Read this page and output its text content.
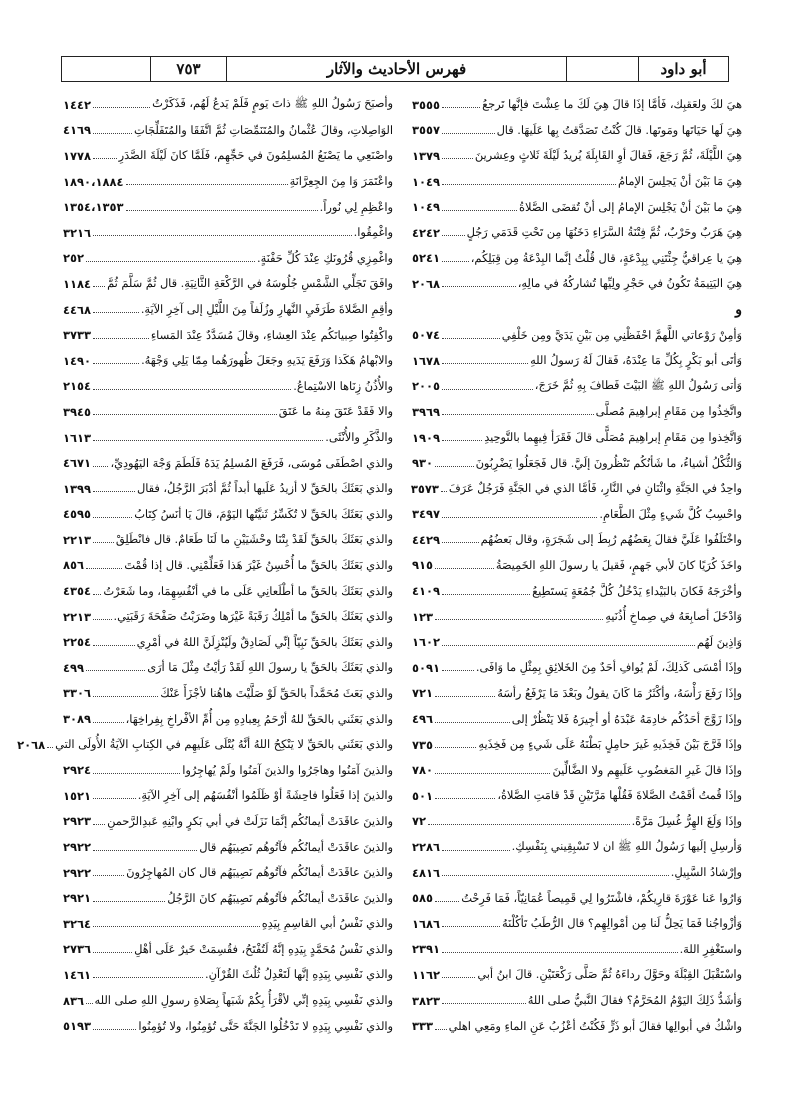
أبو داود
فهرس الأحاديث والآثار
٧٥٣
هيَ لكَ ولعَقبِك، فَأمَّا إذَا قالَ هِيَ لَكَ ما عِشْتَ فإنَّها تَرجعُ
٣٥٥٥
هِيَ لَها حَيَاتَها ومَوتَها. قالَ كُنْتُ تَصَدَّقتُ بِها عَلَيهَا. قال
٣٥٥٧
هِيَ اللَّيْلَةَ، ثُمَّ رَجَعَ، فَقالَ أوِ القَابِلَةَ يُريدُ لَيْلَةَ ثَلاثٍ وعِشرينَ
١٣٧٩
هِيَ مَا بَيْنَ أنْ يَجلِسَ الإمامُ
١٠٤٩
هِيَ ما بَيْنَ أنْ يَجْلِسَ الإمامُ إلى أنْ تُقضَى الصَّلاةُ
١٠٤٩
هِيَ هَرَبٌ وحَرْبٌ، ثُمَّ فِتْنَةُ السَّرَاءِ دَخَنُهَا مِن تَحْتِ قَدَمَي رَجُلٍ
٤٢٤٢
هِيَ يا عِراقيُّ جِئْتَنِي بِبِدْعَةٍ، قال قُلْتُ إنَّما البِدْعَةُ مِن قِبَلِكُم،
٥٢٤١
هِيَ اليَتِيمَةُ تَكُونُ في حَجْرِ ولِيِّها تُشاركُهُ في مالِهِ،
٢٠٦٨
و
وَأمِنْ رَوْعاتي اللَّهمَّ احْفَظْنِي مِن بَيْنِ يَدَيَّ ومِن خَلْفِي
٥٠٧٤
وَأتَى أبو بَكْرٍ بِكُلِّ مَا عِنْدَهُ، فَقالَ لَهُ رَسولُ اللهِ
١٦٧٨
وَأتى رَسُولُ اللهِ ﷺ البَيْتَ فَطافَ بِهِ ثُمَّ خَرَجَ،
٢٠٠٥
واتَّخِذُوا مِن مَقَامِ إبراهِيمَ مُصلَّى
٣٩٦٩
وَاتَّخِذوا مِن مَقَامِ إبراهِيمَ مُصَلًّى قالَ فَقَرَأ فِيهِما بالتَّوحِيدِ
١٩٠٩
وَالثُّكْلُ أشياءُ، ما شَأنُكُم تَنْظُرونَ إلَيَّ. قال فَجَعَلُوا يَضْرِبُونَ
٩٣٠
واحِدٌ في الجَنَّةِ واثْنَانِ في النَّارِ، فَأمَّا الذي في الجَنَّةِ فَرَجُلٌ عَرَفَ
٣٥٧٣
واحْسِبُ كُلَّ شَيءٍ مِثْلَ الطَّعَامِ.
٣٤٩٧
واخْتَلَفُوا عَلَيَّ فقالَ بِعَضُهُم رُبِطَ إلى شَجَرَةٍ، وقال بَعضُهُم
٤٤٢٩
واخَذَ كُرَيًا كانَ لأبي جَهمٍ، فَقيلَ يا رسولَ اللهِ الخَمِيصَةُ
٩١٥
وأخْرَجَهُ فَكانَ بالبَيْداءِ يَدْخُلُ كُلَّ جُمُعَةٍ يَستَطِيعُ
٤١٠٩
وَادْخَلَ أصابِعَهُ في صِماخِ أُذُنَيهِ
١٢٣
وَاذِينَ لَهُم
١٦٠٢
وإذَا أمْسَى كَذلِكَ، لَمْ يُوافِ أحَدٌ مِنَ الخَلائِقِ بِمِثْلِ ما وَافَى.
٥٠٩١
وإذَا رَفَعَ رَأْسَهُ، وأكْثَرُ مَا كَانَ يقولُ وبَعْدَ مَا يَرْفَعُ رأسَهُ
٧٢١
وإذَا زَوَّجَ أحَدُكُم خادِمَهُ عَبْدَهُ أو أجِيرَهُ فَلا يَنْظُرْ إلى
٤٩٦
وإذَا فَرَّجَ بَيْنَ فَخِذَيهِ غَيرَ حامِلٍ بَطْنَهُ عَلَى شَيءٍ مِن فَخِذَيهِ
٧٣٥
وإذَا قالَ غَيرِ المَغضُوبِ عَلَيهِم ولا الضَّالِّينَ
٧٨٠
وإذَا قُمتُ أقَمْتُ الصَّلاةَ فَقُلْها مَرَّتَيْنِ قَدْ قامَتِ الصَّلاةُ،
٥٠١
وإذَا وَلَغَ الهِرُّ غُسِلَ مَرَّةً.
٧٢
وَأرسِلِ إلَيها رَسُولُ اللهِ ﷺ ان لا تَسْبِقِيني بِنَفْسِكِ.
٢٢٨٦
وإرْشادُ السَّبِيلِ.
٤٨١٦
وَارُوا عَنا عَوْرَةَ قارِيكُمْ، فاشْتَرُوا لِي قَمِيصاً عُمَانِيّاً، فَمَا فَرِحْتُ
٥٨٥
وَأزْواجُنا فَمَا يَحِلُّ لَنا مِن أمْوالِهِم؟ قال الرُّطَبُ تَأكُلْنَهُ
١٦٨٦
واستَغْفِرِ اللهَ.
٢٣٩١
واسْتَقْبَلَ القِبْلَةَ وحَوَّلَ رداءَهُ ثُمَّ صَلَّى رَكْعَتَيْنِ. قالَ ابنُ أبي
١١٦٢
وَأشَدُّ ذَلِكَ اليَوْمُ المُحَرَّمُ؟ فقالَ النَّبيُّ صلى اللهُ
٣٨٢٣
واشْكُ في أبوالِها فقالَ أبو ذَرٍّ فَكُنْتُ أعْزُبُ عَنِ الماءِ ومَعِي اهلي
٣٣٣
وأصبَحَ رَسُولُ اللهِ ﷺ ذاتَ يَومٍ فَلَمْ يَدعُ لَهُم، فَذَكَرْتُ
١٤٤٢
الوَاصِلاتِ، وقالَ عُثْمانُ والمُتَنَمِّصَاتِ ثُمَّ اتَّفَقَا والمُتَفَلِّجَاتِ
٤١٦٩
واصْنَعِي ما يَصْنَعُ المُسلِمُونَ في حَجِّهِم، فَلَمَّا كانَ لَيْلَةَ الصَّدَرِ
١٧٧٨
واعْتَمَرَ وَا مِنَ الجِعِرَّانَةِ
١٨٩٠،١٨٨٤
واعْظِمِ لِي نُوراً.
١٣٥٤،١٣٥٣
واغْمِقُوا.
٣٢١٦
واغْمِزِي قُرُونَكِ عِنْدَ كُلِّ حَفْنَةٍ.
٢٥٢
وافَقَ تَجَلِّي الشَّمْسِ جُلُوسَهُ في الرَّكْعَةِ الثَّانِيَةِ. قال ثُمَّ سَلَّمَ ثُمَّ
١١٨٤
وأقِمِ الصَّلاةَ طَرَفَيِ النَّهارِ وزُلَفاً مِنَ اللَّيْلِ إلى آخِرِ الآيَةِ.
٤٤٦٨
واكْفِتُوا صِبيانَكُم عِنْدَ العِشاءِ، وقالَ مُسَدَّدٌ عِنْدَ المَساءِ
٣٧٣٣
والابْهامُ هَكَذا وَرَفَعَ يَدَيهِ وجَعَلَ ظُهورَهُما مِمّا يَلِي وَجْهَهُ.
١٤٩٠
والأُذُنُ زِنَاها الاسْتِماعُ.
٢١٥٤
والا فَقَدْ عَتَقَ مِنهُ ما عَتَقَ
٣٩٤٥
والذَّكَرِ والأُنْثَى.
١٦١٣
والذي اصْطَفَى مُوسَى، فَرَفَعَ المُسلِمُ يَدَهُ فَلَطَمَ وَجْهَ اليَهُودِيِّ،
٤٦٧١
والذي بَعَثَكَ بالحَقِّ لا أزيدُ عَلَيها أبداً ثُمَّ أدْبَرَ الرَّجُلُ، فقال
١٣٩٩
والذي بَعَثَكَ بالحَقِّ لا تُكَسِّرُ ثَنيَّتُها اليَوْمَ، قالَ يَا أنَسُ كِتَابُ
٤٥٩٥
والذي بَعَثَكَ بالحَقِّ لَقَدْ بِتْنَا وحْشَيَيْنِ ما لَنَا طَعَامٌ. قال فانْطَلِقْ
٢٢١٣
والذي بَعَثَكَ بالحَقِّ ما أُحْسِنُ غَيْرَ هَذا فَعَلِّمْنِي. قال إذا قُمْتَ
٨٥٦
والذي بَعَثَكَ بالحَقِّ ما أطْلَعانِي عَلَى ما في أنْفُسِهِمَا، وما شَعَرْتُ
٤٣٥٤
والذي بَعَثَكَ بالحَقِّ ما أمْلِكُ رَقَبَةً غَيْرَها وضَرَبْتُ صَفْحَةَ رَقَبَتِي.
٢٢١٣
والذي بَعَثَكَ بالحَقِّ نَبِيّاً إنِّي لَصَادِقٌ ولَيُنْزِلَنَّ اللهُ في أمْرِي
٢٢٥٤
والذي بَعَثَكَ بالحَقِّ يا رسولَ اللهِ لَقَدْ رَأيْتُ مِثْلَ مَا أرَى
٤٩٩
والذي بَعَثَ مُحَمَّداً بالحَقِّ لَوْ صَلَّيْتَ هاهُنا لأجْزَأَ عَنْكَ
٣٣٠٦
والذي بَعَثَني بالحَقِّ للهُ أرْحَمُ بِعِبادِهِ مِن أُمِّ الأفْراخِ بِفِراخِهَا،
٣٠٨٩
والذي بَعَثَني بالحَقِّ لا يَنْكِحُ اللهُ أنَّهُ يُتْلَى عَلَيهِم في الكِتابِ الآيَةُ الأُولَى التي
٢٠٦٨
والذينَ آمَنُوا وهاجَرُوا والذينَ آمَنُوا ولَمْ يُهاجِرُوا
٢٩٢٤
والذينَ إذا فَعَلُوا فاحِشَةً أوْ ظَلَمُوا أنْفُسَهُم إلى آخِرِ الآيَةِ.
١٥٢١
والذينَ عاقَدَتْ أيمانُكُم إنَّمَا نَزَلَتْ في أبي بَكرٍ وابْنِهِ عَبدِالرَّحمنِ
٢٩٢٣
والذينَ عاقَدَتْ أيمانُكُم فآتُوهُم نَصِيبَهُم قال
٢٩٢٢
والذينَ عاقَدَتْ أيمانُكُم فآتُوهُم نَصِيبَهُم قال كان المُهاجِرُونَ
٢٩٢٢
والذينَ عاقَدَتْ أيمانُكُم فآتُوهُم نَصِيبَهُم كانَ الرَّجُلُ
٢٩٢١
والذي نَفْسُ أبي القاسِمِ بِيَدِهِ
٣٢٦٤
والذي نَفْسُ مُحَمَّدٍ بِيَدِهِ إنَّهُ لَتُفْتَحُ، فقُسِمَتْ خَيرٌ عَلَى أهْلِ
٢٧٣٦
والذي نَفْسِي بِيَدِهِ إنَّها لَتَعْدِلُ ثُلُثَ القُرْآنِ.
١٤٦١
والذي نَفْسِي بِيَدِهِ إنِّي لأقْرَأُ بِكُمْ شَبَهاً بِصَلاةِ رسولِ اللهِ صلى الله
٨٣٦
والذي نَفْسِي بِيَدِهِ لا تَدْخُلُوا الجَنَّةَ حَتَّى تُؤمِنُوا، ولا تُؤمِنُوا
٥١٩٣
